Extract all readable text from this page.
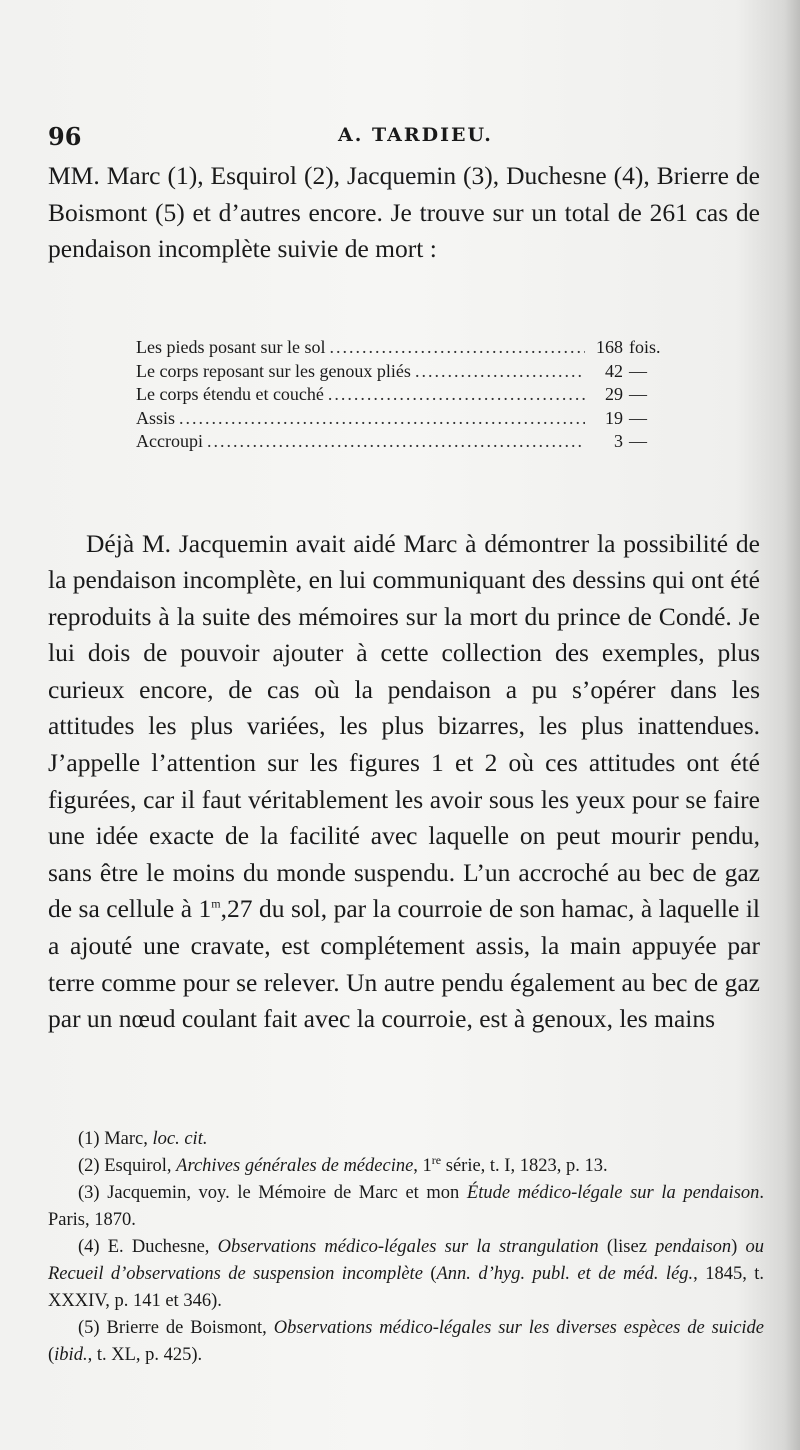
96	A. TARDIEU.

MM. Marc (1), Esquirol (2), Jacquemin (3), Duchesne (4), Brierre de Boismont (5) et d’autres encore. Je trouve sur un total de 261 cas de pendaison incomplète suivie de mort :

Les pieds posant sur le sol .....	168 fois.
Le corps reposant sur les genoux pliés .....	42 —
Le corps étendu et couché .....	29 —
Assis .....	19 —
Accroupi .....	3 —

Déjà M. Jacquemin avait aidé Marc à démontrer la possibilité de la pendaison incomplète, en lui communiquant des dessins qui ont été reproduits à la suite des mémoires sur la mort du prince de Condé. Je lui dois de pouvoir ajouter à cette collection des exemples, plus curieux encore, de cas où la pendaison a pu s’opérer dans les attitudes les plus variées, les plus bizarres, les plus inattendues. J’appelle l’attention sur les figures 1 et 2 où ces attitudes ont été figurées, car il faut véritablement les avoir sous les yeux pour se faire une idée exacte de la facilité avec laquelle on peut mourir pendu, sans être le moins du monde suspendu. L’un accroché au bec de gaz de sa cellule à 1$^m$,27 du sol, par la courroie de son hamac, à laquelle il a ajouté une cravate, est complétement assis, la main appuyée par terre comme pour se relever. Un autre pendu également au bec de gaz par un nœud coulant fait avec la courroie, est à genoux, les mains

(1) Marc, loc. cit.

(2) Esquirol, Archives générales de médecine, 1re série, t. I, 1823, p. 13.

(3) Jacquemin, voy. le Mémoire de Marc et mon Étude médico-légale sur la pendaison. Paris, 1870.

(4) E. Duchesne, Observations médico-légales sur la strangulation (lisez pendaison) ou Recueil d’observations de suspension incomplète (Ann. d’hyg. publ. et de méd. lég., 1845, t. XXXIV, p. 141 et 346).

(5) Brierre de Boismont, Observations médico-légales sur les diverses espèces de suicide (ibid., t. XL, p. 425).
